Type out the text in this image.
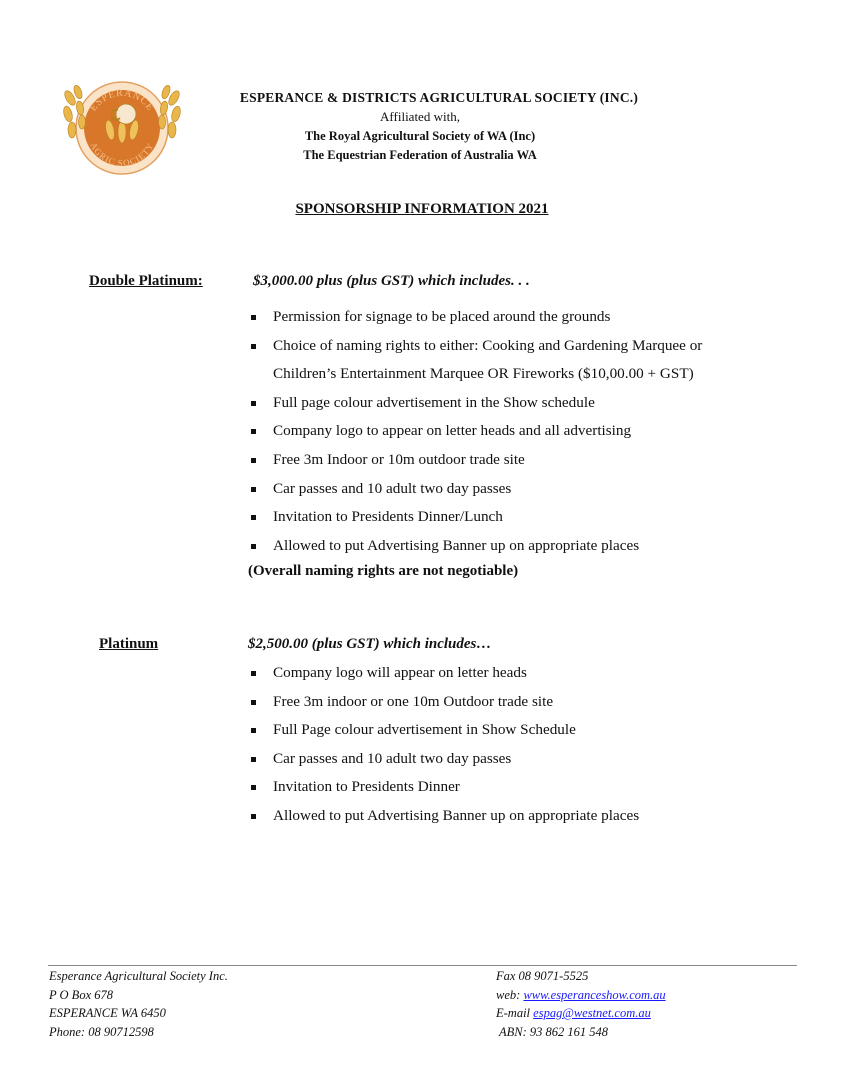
ESPERANCE
AGRIC SOCIETY
ESPERANCE & DISTRICTS AGRICULTURAL SOCIETY (INC.)
Affiliated with,
The Royal Agricultural Society of WA (Inc)
The Equestrian Federation of Australia WA
SPONSORSHIP INFORMATION 2021
Double Platinum:	$3,000.00 plus (plus GST) which includes. . .
Permission for signage to be placed around the grounds
Choice of naming rights to either: Cooking and Gardening Marquee or Children’s Entertainment Marquee OR Fireworks ($10,00.00 + GST)
Full page colour advertisement in the Show schedule
Company logo to appear on letter heads and all advertising
Free 3m Indoor or 10m outdoor trade site
Car passes and 10 adult two day passes
Invitation to Presidents Dinner/Lunch
Allowed to put Advertising Banner up on appropriate places
(Overall naming rights are not negotiable)
Platinum	$2,500.00 (plus GST) which includes…
Company logo will appear on letter heads
Free 3m indoor or one 10m Outdoor trade site
Full Page colour advertisement in Show Schedule
Car passes and 10 adult two day passes
Invitation to Presidents Dinner
Allowed to put Advertising Banner up on appropriate places
Esperance Agricultural Society Inc.
P O Box 678
ESPERANCE WA 6450
Phone: 08 90712598
Fax 08 9071-5525
web: www.esperanceshow.com.au
E-mail espag@westnet.com.au
ABN: 93 862 161 548
